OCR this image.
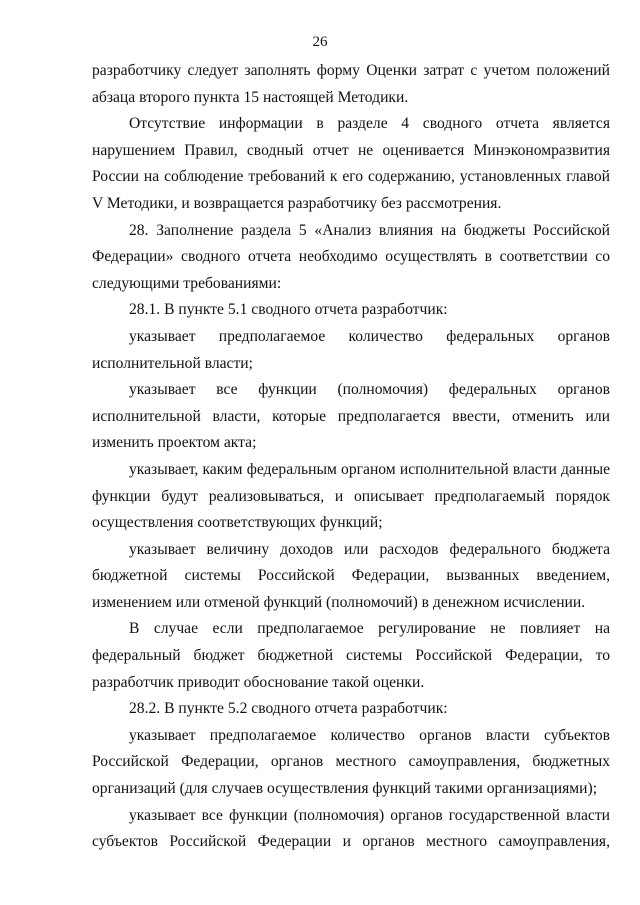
26

разработчику следует заполнять форму Оценки затрат с учетом положений абзаца второго пункта 15 настоящей Методики.

Отсутствие информации в разделе 4 сводного отчета является нарушением Правил, сводный отчет не оценивается Минэкономразвития России на соблюдение требований к его содержанию, установленных главой V Методики, и возвращается разработчику без рассмотрения.

28. Заполнение раздела 5 «Анализ влияния на бюджеты Российской Федерации» сводного отчета необходимо осуществлять в соответствии со следующими требованиями:

28.1. В пункте 5.1 сводного отчета разработчик:

указывает предполагаемое количество федеральных органов исполнительной власти;

указывает все функции (полномочия) федеральных органов исполнительной власти, которые предполагается ввести, отменить или изменить проектом акта;

указывает, каким федеральным органом исполнительной власти данные функции будут реализовываться, и описывает предполагаемый порядок осуществления соответствующих функций;

указывает величину доходов или расходов федерального бюджета бюджетной системы Российской Федерации, вызванных введением, изменением или отменой функций (полномочий) в денежном исчислении.

В случае если предполагаемое регулирование не повлияет на федеральный бюджет бюджетной системы Российской Федерации, то разработчик приводит обоснование такой оценки.

28.2. В пункте 5.2 сводного отчета разработчик:

указывает предполагаемое количество органов власти субъектов Российской Федерации, органов местного самоуправления, бюджетных организаций (для случаев осуществления функций такими организациями);

указывает все функции (полномочия) органов государственной власти субъектов Российской Федерации и органов местного самоуправления,
